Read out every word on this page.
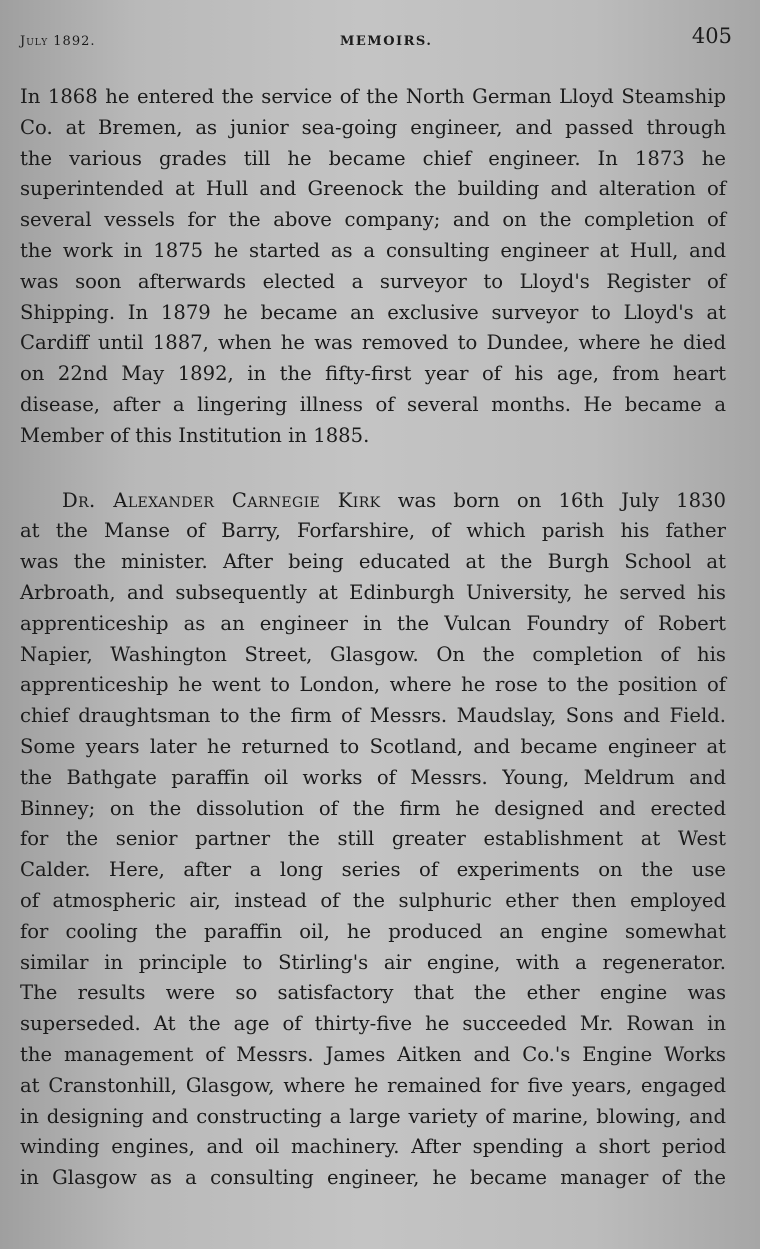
July 1892.	MEMOIRS.	405
In 1868 he entered the service of the North German Lloyd Steamship
Co. at Bremen, as junior sea-going engineer, and passed through
the various grades till he became chief engineer. In 1873 he
superintended at Hull and Greenock the building and alteration of
several vessels for the above company; and on the completion of
the work in 1875 he started as a consulting engineer at Hull, and
was soon afterwards elected a surveyor to Lloyd's Register of
Shipping. In 1879 he became an exclusive surveyor to Lloyd's at
Cardiff until 1887, when he was removed to Dundee, where he died
on 22nd May 1892, in the fifty-first year of his age, from heart
disease, after a lingering illness of several months. He became a
Member of this Institution in 1885.
Dr. Alexander Carnegie Kirk was born on 16th July 1830
at the Manse of Barry, Forfarshire, of which parish his father
was the minister. After being educated at the Burgh School at
Arbroath, and subsequently at Edinburgh University, he served his
apprenticeship as an engineer in the Vulcan Foundry of Robert
Napier, Washington Street, Glasgow. On the completion of his
apprenticeship he went to London, where he rose to the position of
chief draughtsman to the firm of Messrs. Maudslay, Sons and Field.
Some years later he returned to Scotland, and became engineer at
the Bathgate paraffin oil works of Messrs. Young, Meldrum and
Binney; on the dissolution of the firm he designed and erected
for the senior partner the still greater establishment at West
Calder. Here, after a long series of experiments on the use
of atmospheric air, instead of the sulphuric ether then employed
for cooling the paraffin oil, he produced an engine somewhat
similar in principle to Stirling's air engine, with a regenerator.
The results were so satisfactory that the ether engine was
superseded. At the age of thirty-five he succeeded Mr. Rowan in
the management of Messrs. James Aitken and Co.'s Engine Works
at Cranstonhill, Glasgow, where he remained for five years, engaged
in designing and constructing a large variety of marine, blowing, and
winding engines, and oil machinery. After spending a short period
in Glasgow as a consulting engineer, he became manager of the
